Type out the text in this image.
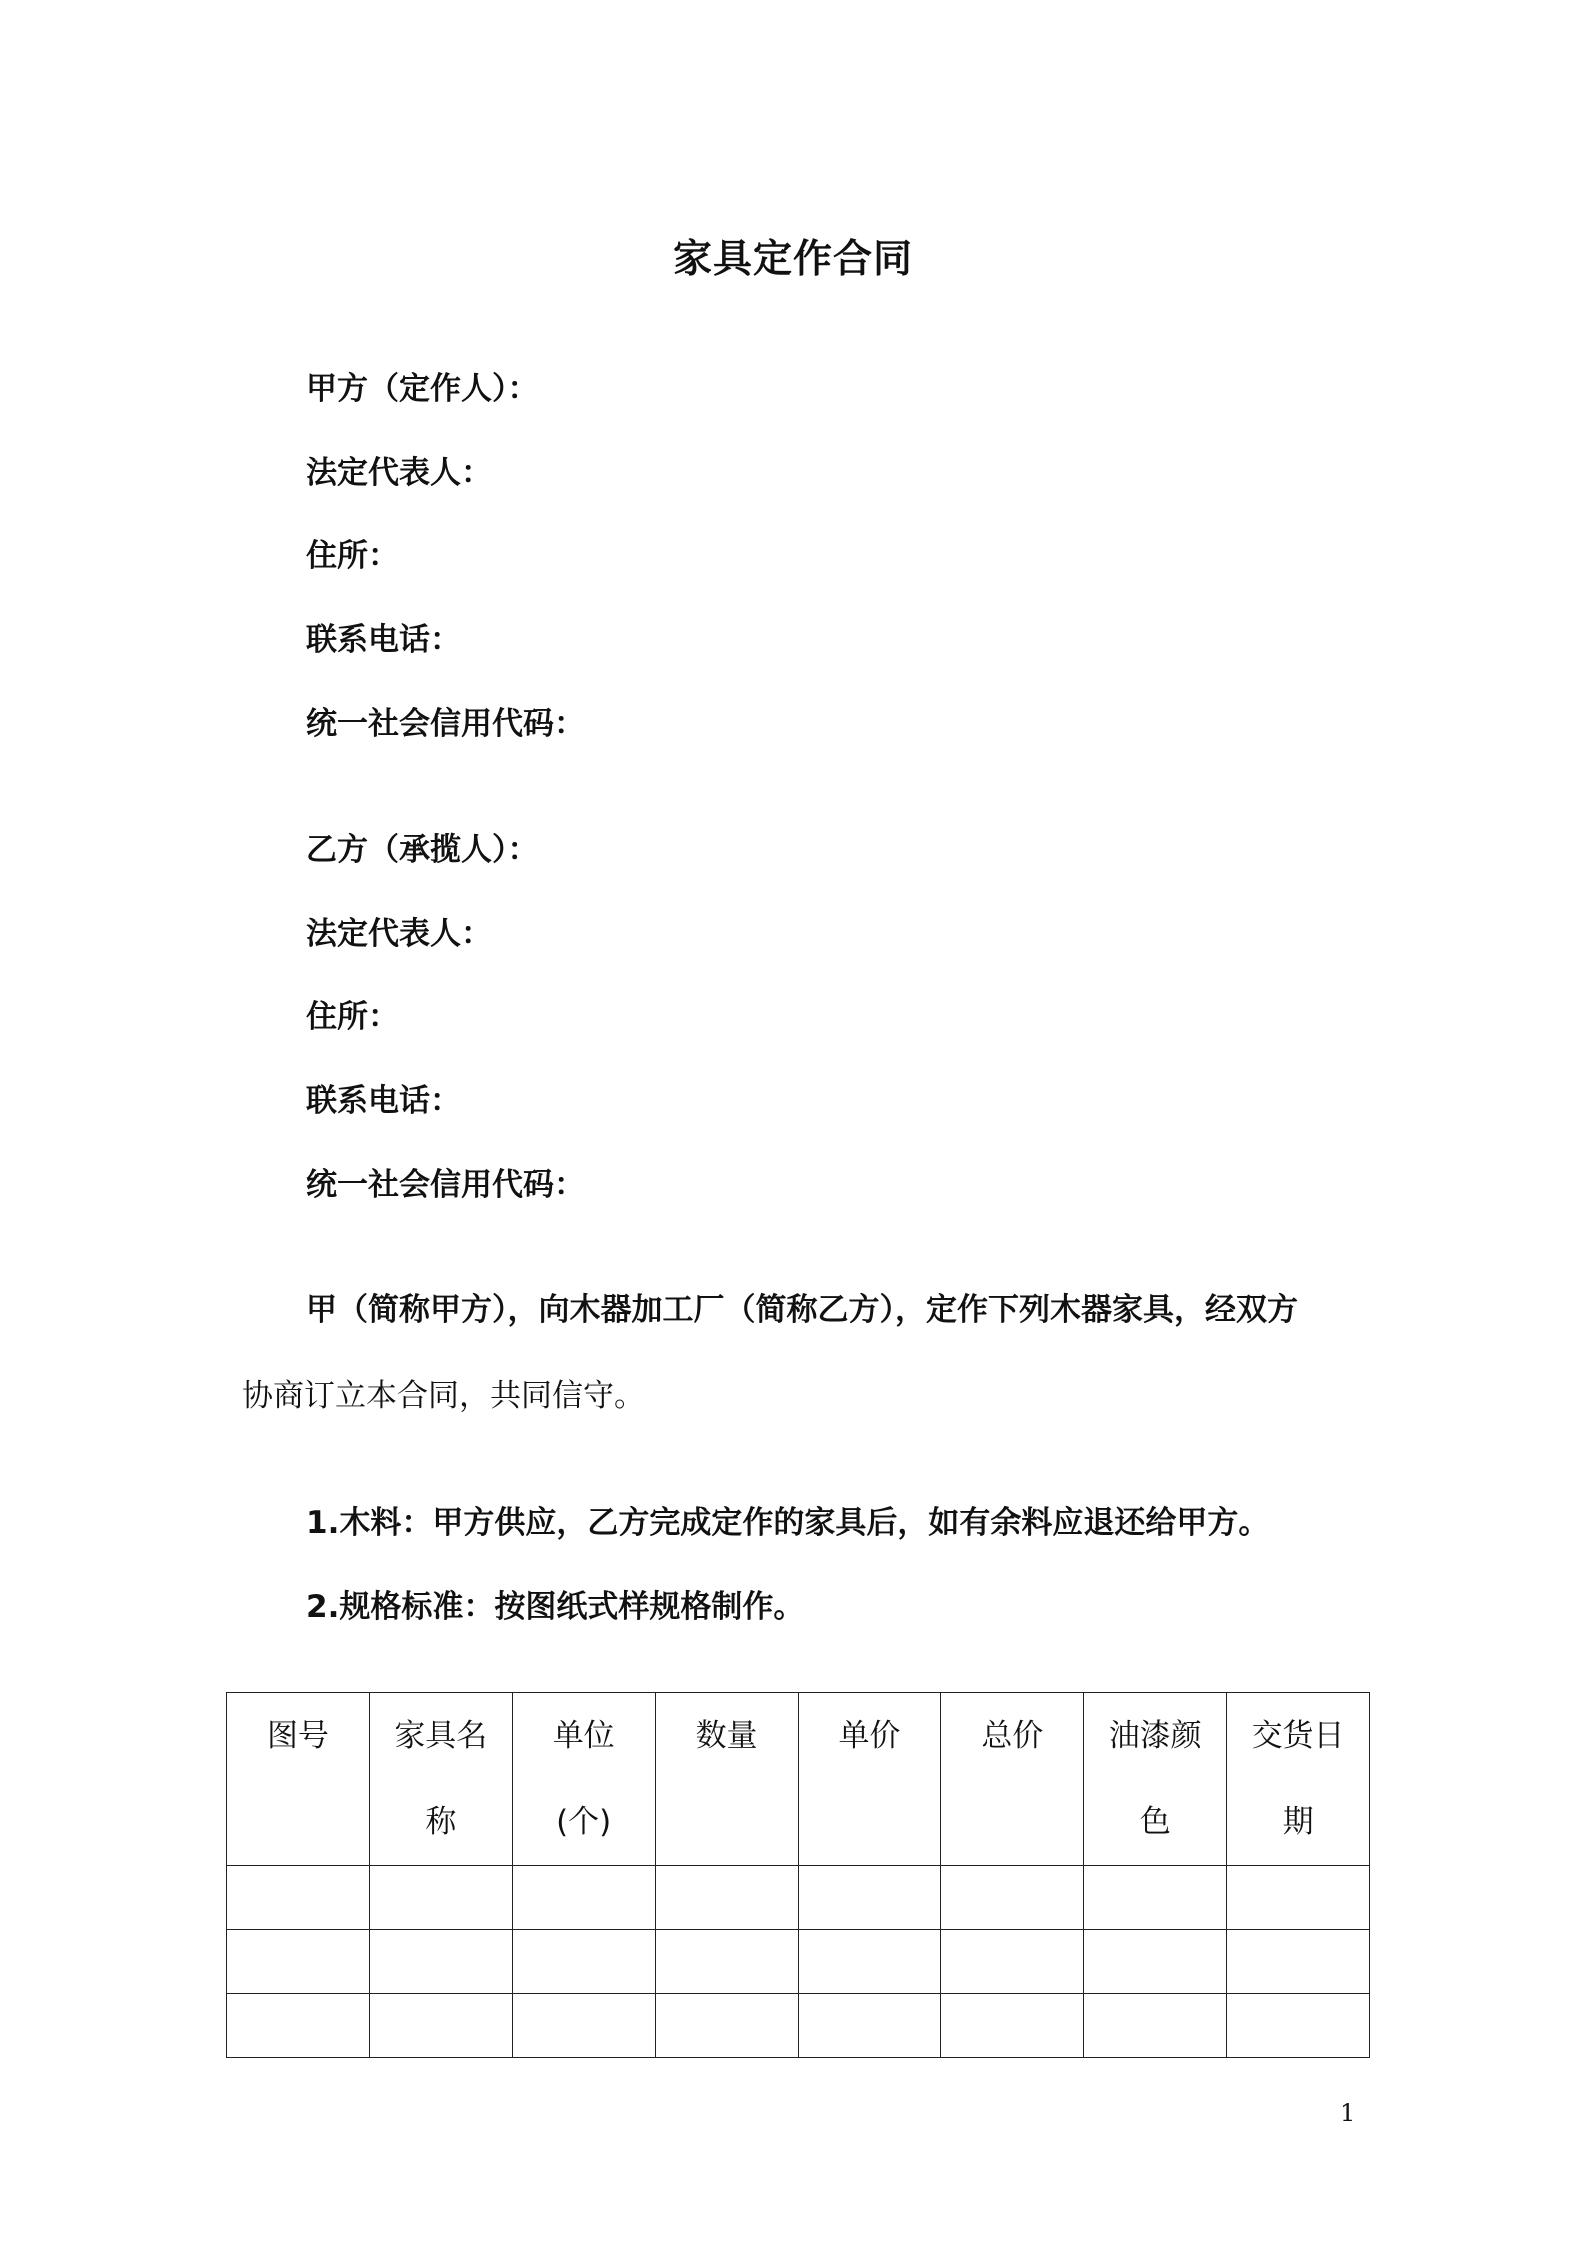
家具定作合同
甲方（定作人）：
法定代表人：
住所：
联系电话：
统一社会信用代码：
乙方（承揽人）：
法定代表人：
住所：
联系电话：
统一社会信用代码：
甲（简称甲方），向木器加工厂（简称乙方），定作下列木器家具，经双方
协商订立本合同，共同信守。
1.木料：甲方供应，乙方完成定作的家具后，如有余料应退还给甲方。
2.规格标准：按图纸式样规格制作。
图号	家具名称	单位(个)	数量	单价	总价	油漆颜色	交货日期

1
